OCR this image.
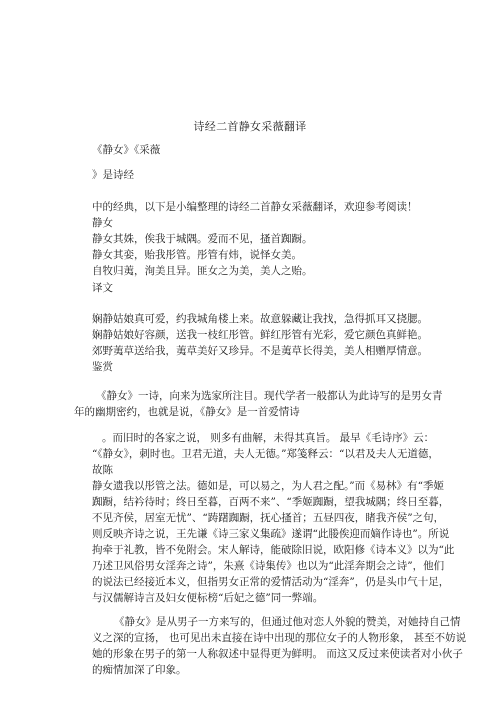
诗经二首静女采薇翻译
《静女》《采薇
》是诗经
中的经典，以下是小编整理的诗经二首静女采薇翻译，欢迎参考阅读！
静女

静女其姝，俟我于城隅。爱而不见，搔首踟蹰。

静女其娈，贻我彤管。彤管有炜，说怿女美。

自牧归荑，洵美且异。匪女之为美，美人之贻。

译文

娴静姑娘真可爱，约我城角楼上来。故意躲藏让我找，急得抓耳又挠腮。

娴静姑娘好容颜，送我一枝红彤管。鲜红彤管有光彩，爱它颜色真鲜艳。

郊野荑草送给我，荑草美好又珍异。不是荑草长得美，美人相赠厚情意。

鉴赏

《静女》一诗，向来为选家所注目。现代学者一般都认为此诗写的是男女青

年的幽期密约，也就是说，《静女》是一首爱情诗

。而旧时的各家之说， 则多有曲解，未得其真旨。 最早《毛诗序》云：

“《静女》，刺时也。卫君无道，夫人无德。”郑笺释云：“以君及夫人无道德，

故陈

静女遗我以彤管之法。德如是，可以易之，为人君之配。”而《易林》有“季姬

踟蹰，结衿待时；终日至暮，百两不来”、“季姬踟蹰，望我城隅；终日至暮，

不见齐侯，居室无忧”、“踌躇踟蹰，抚心搔首；五昼四夜，睹我齐侯”之句，

则反映齐诗之说，王先谦《诗三家义集疏》遂谓“此媵俟迎而嫡作诗也”。所说

拘牵于礼教，皆不免附会。宋人解诗，能破除旧说，欧阳修《诗本义》以为“此

乃述卫风俗男女淫奔之诗”，朱熹《诗集传》也以为“此淫奔期会之诗”，他们

的说法已经接近本义，但指男女正常的爱情活动为“淫奔”，仍是头巾气十足，

与汉儒解诗言及妇女便标榜“后妃之德”同一弊端。

《静女》是从男子一方来写的，但通过他对恋人外貌的赞美，对她持自己情

义之深的宣扬， 也可见出未直接在诗中出现的那位女子的人物形象， 甚至不妨说

她的形象在男子的第一人称叙述中显得更为鲜明。 而这又反过来使读者对小伙子

的痴情加深了印象。
